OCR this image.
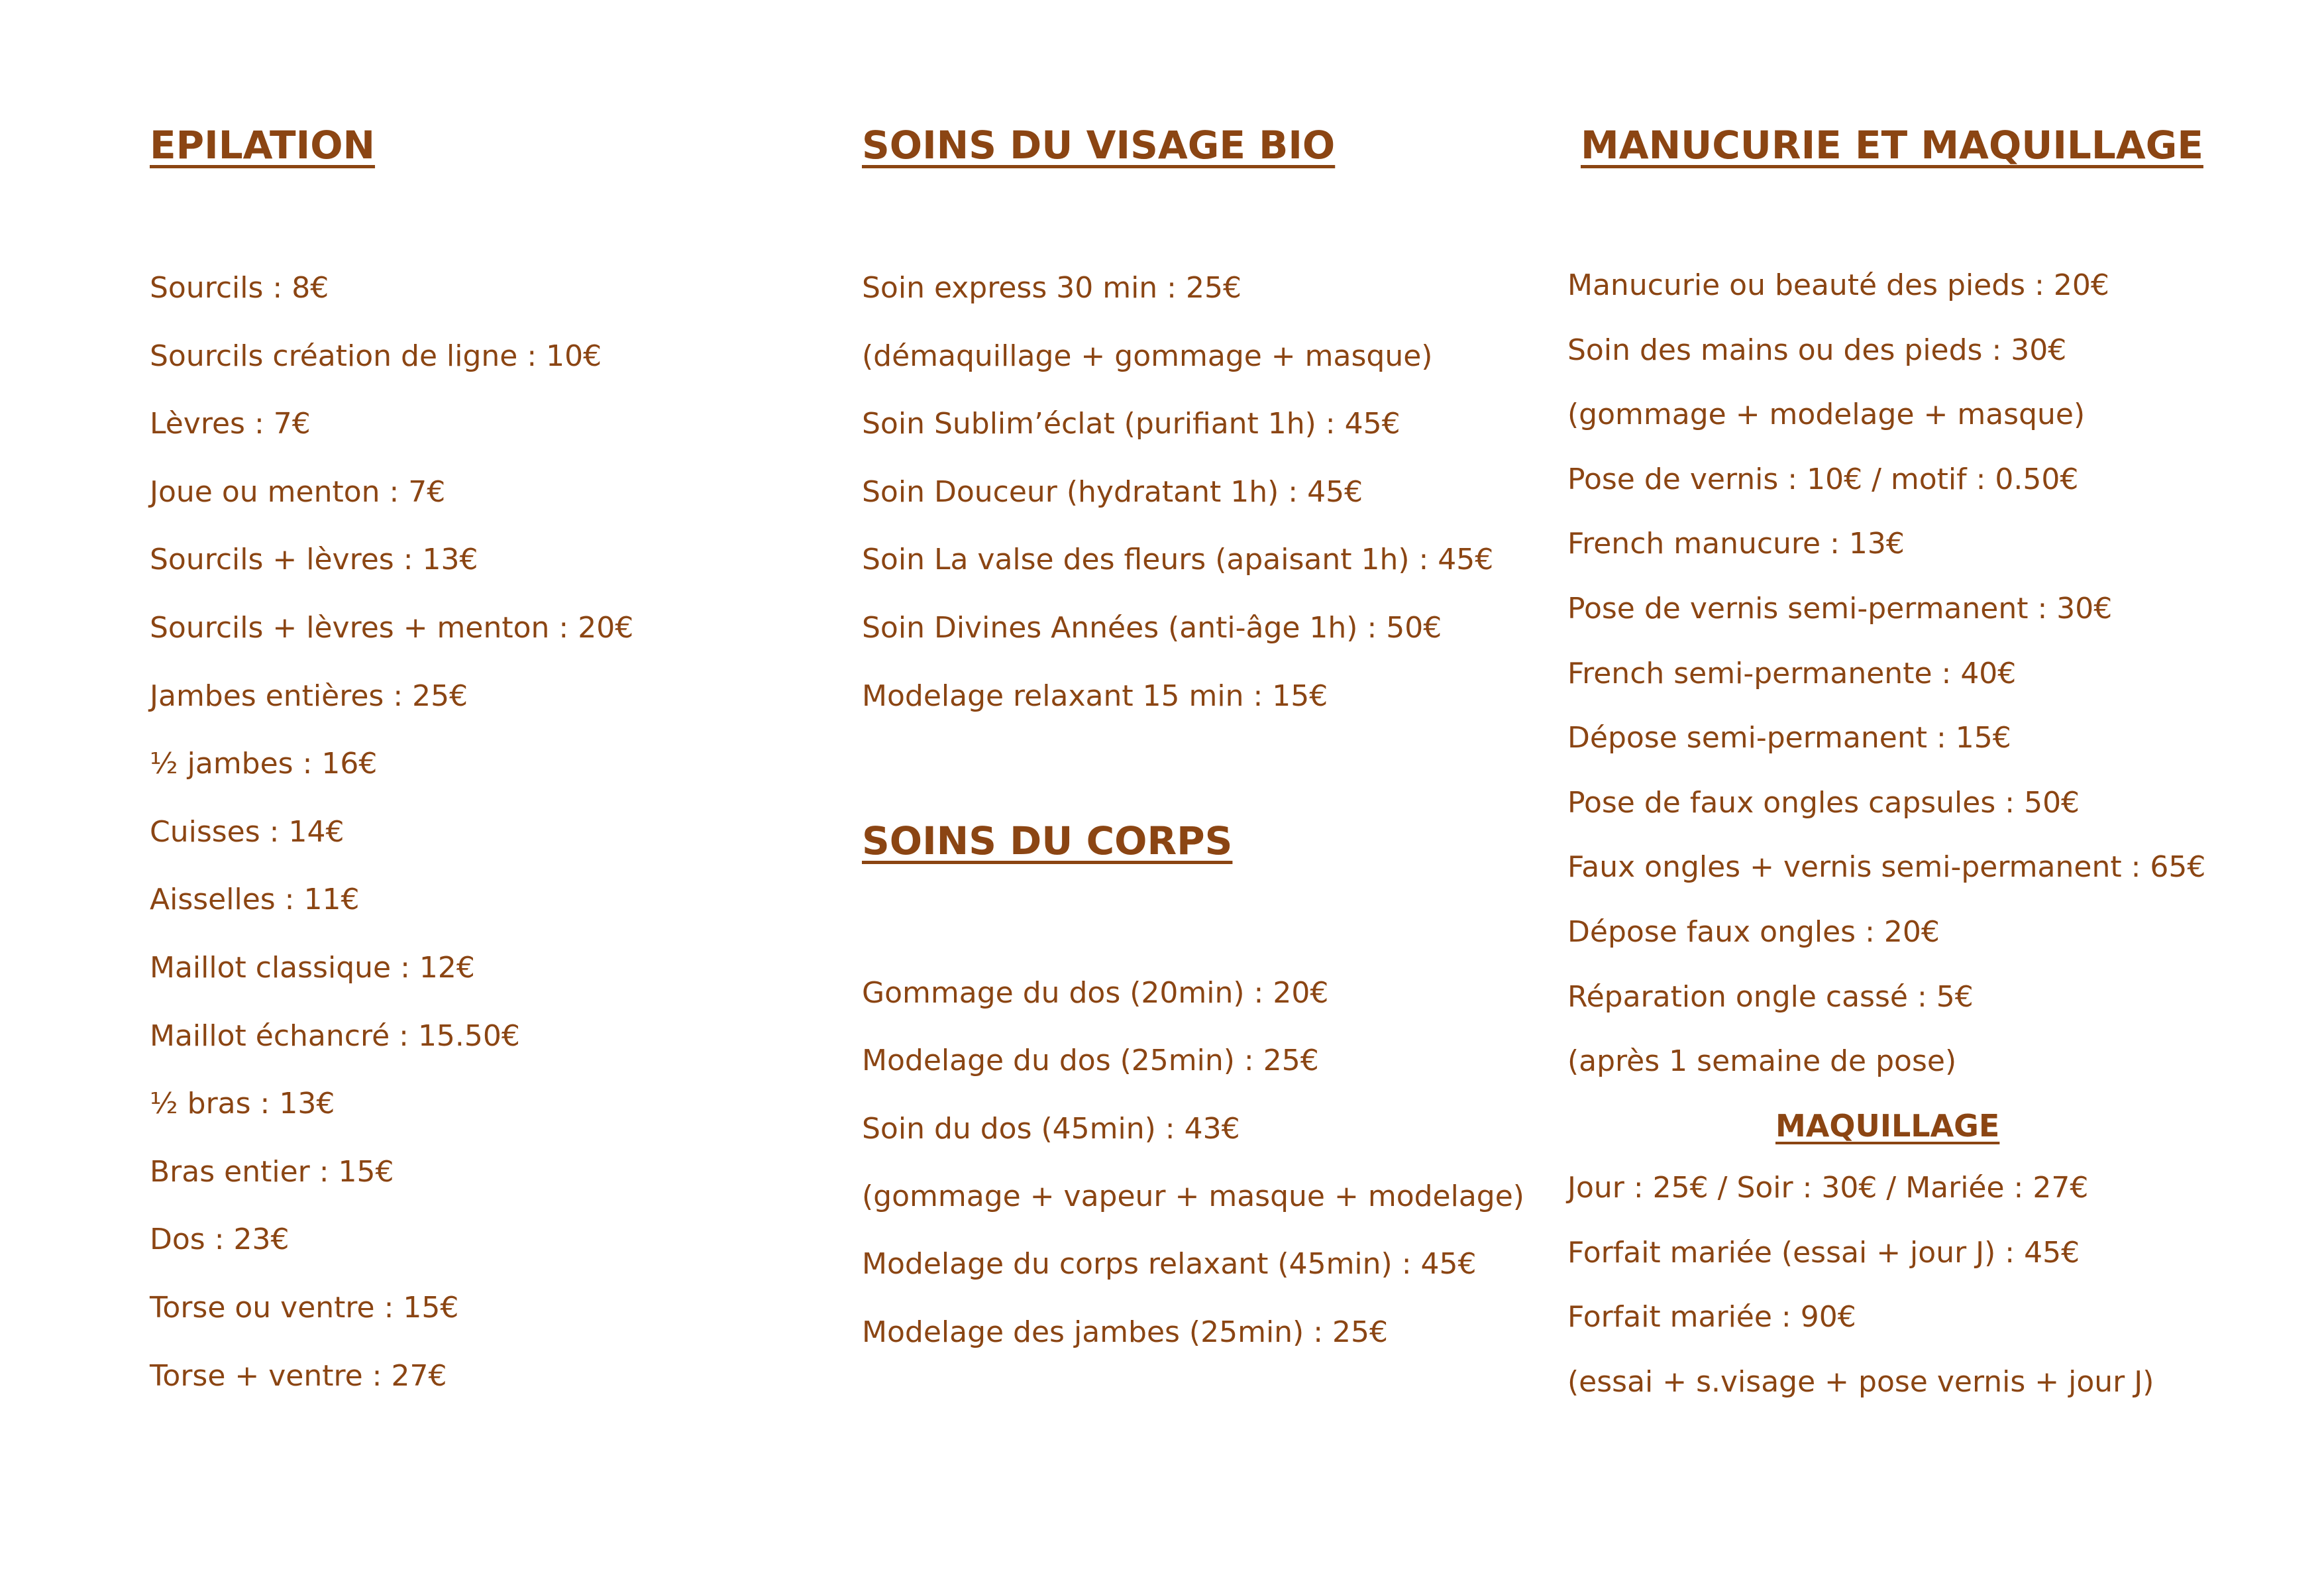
EPILATION
Sourcils : 8€
Sourcils création de ligne : 10€
Lèvres : 7€
Joue ou menton : 7€
Sourcils + lèvres : 13€
Sourcils + lèvres + menton : 20€
Jambes entières : 25€
½ jambes : 16€
Cuisses : 14€
Aisselles : 11€
Maillot classique : 12€
Maillot échancré : 15.50€
½ bras : 13€
Bras entier : 15€
Dos : 23€
Torse ou ventre : 15€
Torse + ventre : 27€
SOINS DU VISAGE BIO
Soin express 30 min : 25€
(démaquillage + gommage + masque)
Soin Sublim’éclat (purifiant 1h) : 45€
Soin Douceur (hydratant 1h) : 45€
Soin La valse des fleurs (apaisant 1h) : 45€
Soin Divines Années (anti-âge 1h) : 50€
Modelage relaxant 15 min : 15€
SOINS DU CORPS
Gommage du dos (20min) : 20€
Modelage du dos (25min) : 25€
Soin du dos (45min) : 43€
(gommage + vapeur + masque + modelage)
Modelage du corps relaxant (45min) : 45€
Modelage des jambes (25min) : 25€
MANUCURIE ET MAQUILLAGE
Manucurie ou beauté des pieds : 20€
Soin des mains ou des pieds : 30€
(gommage + modelage + masque)
Pose de vernis : 10€ / motif : 0.50€
French manucure : 13€
Pose de vernis semi-permanent : 30€
French semi-permanente : 40€
Dépose semi-permanent : 15€
Pose de faux ongles capsules : 50€
Faux ongles + vernis semi-permanent : 65€
Dépose faux ongles : 20€
Réparation ongle cassé : 5€
(après 1 semaine de pose)
MAQUILLAGE
Jour : 25€ / Soir : 30€ / Mariée : 27€
Forfait mariée (essai + jour J) : 45€
Forfait mariée : 90€
(essai + s.visage + pose vernis + jour J)
